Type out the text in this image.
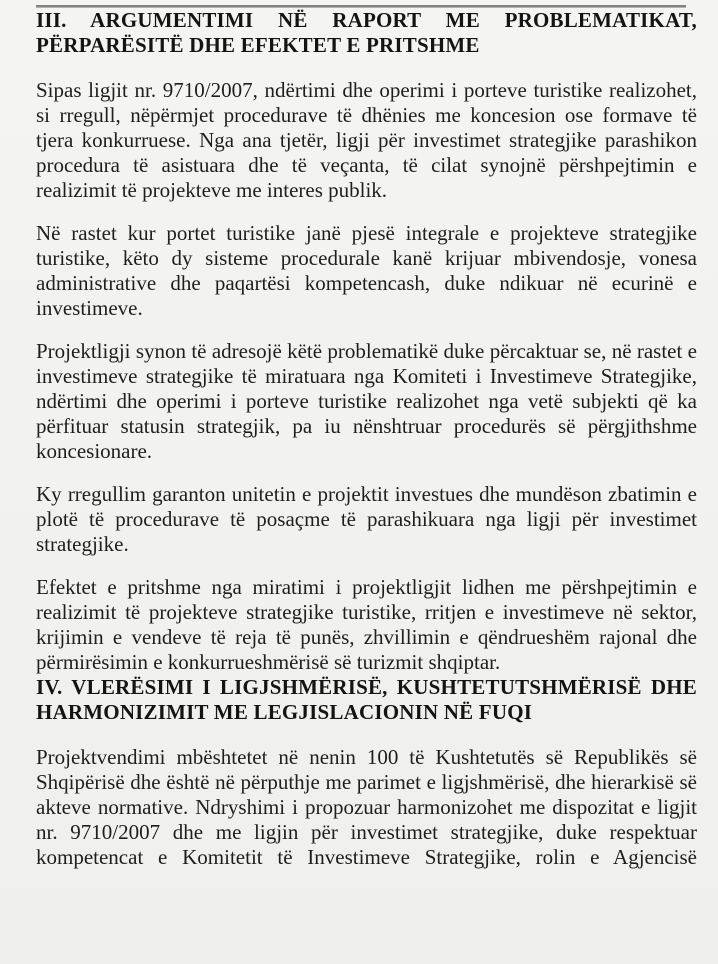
III. ARGUMENTIMI NË RAPORT ME PROBLEMATIKAT,
PËRPARËSITË DHE EFEKTET E PRITSHME

Sipas ligjit nr. 9710/2007, ndërtimi dhe operimi i porteve turistike realizohet, si rregull, nëpërmjet procedurave të dhënies me koncesion ose formave të tjera konkurruese. Nga ana tjetër, ligji për investimet strategjike parashikon procedura të asistuara dhe të veçanta, të cilat synojnë përshpejtimin e realizimit të projekteve me interes publik.

Në rastet kur portet turistike janë pjesë integrale e projekteve strategjike turistike, këto dy sisteme procedurale kanë krijuar mbivendosje, vonesa administrative dhe paqartësi kompetencash, duke ndikuar në ecurinë e investimeve.

Projektligji synon të adresojë këtë problematikë duke përcaktuar se, në rastet e investimeve strategjike të miratuara nga Komiteti i Investimeve Strategjike, ndërtimi dhe operimi i porteve turistike realizohet nga vetë subjekti që ka përfituar statusin strategjik, pa iu nënshtruar procedurës së përgjithshme koncesionare.

Ky rregullim garanton unitetin e projektit investues dhe mundëson zbatimin e plotë të procedurave të posaçme të parashikuara nga ligji për investimet strategjike.

Efektet e pritshme nga miratimi i projektligjit lidhen me përshpejtimin e realizimit të projekteve strategjike turistike, rritjen e investimeve në sektor, krijimin e vendeve të reja të punës, zhvillimin e qëndrueshëm rajonal dhe përmirësimin e konkurrueshmërisë së turizmit shqiptar.

IV. VLERËSIMI I LIGJSHMËRISË, KUSHTETUTSHMËRISË DHE
HARMONIZIMIT ME LEGJISLACIONIN NË FUQI

Projektvendimi mbështetet në nenin 100 të Kushtetutës së Republikës së Shqipërisë dhe është në përputhje me parimet e ligjshmërisë, dhe hierarkisë së akteve normative. Ndryshimi i propozuar harmonizohet me dispozitat e ligjit nr. 9710/2007 dhe me ligjin për investimet strategjike, duke respektuar kompetencat e Komitetit të Investimeve Strategjike, rolin e Agjencisë
